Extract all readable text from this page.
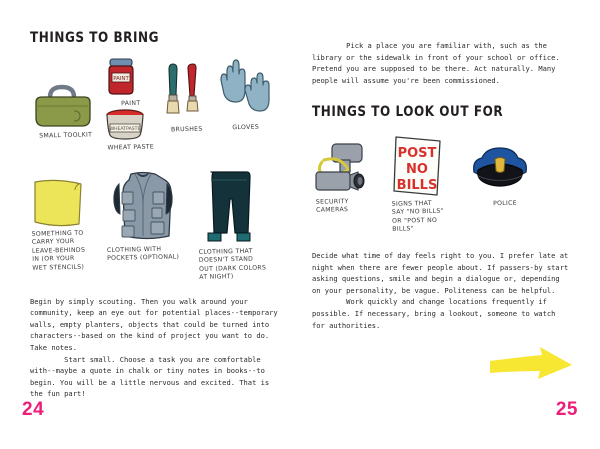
THINGS TO BRING
SMALL TOOLKIT
PAINT
PAINT
WHEATPASTE
WHEAT PASTE
BRUSHES	GLOVES
SOMETHING TO
CARRY YOUR
LEAVE-BEHINDS
IN (OR YOUR
WET STENCILS)
CLOTHING WITH
POCKETS (OPTIONAL)
CLOTHING THAT
DOESN'T STAND
OUT (DARK COLORS
AT NIGHT)

Begin by simply scouting. Then you walk around your community, keep an eye out for potential places--temporary walls, empty planters, objects that could be turned into characters--based on the kind of project you want to do. Take notes.

Start small. Choose a task you are comfortable with--maybe a quote in chalk or tiny notes in books--to begin. You will be a little nervous and excited. That is the fun part!

24

Pick a place you are familiar with, such as the library or the sidewalk in front of your school or office. Pretend you are supposed to be there. Act naturally. Many people will assume you're been commissioned.

THINGS TO LOOK OUT FOR
SECURITY
CAMERAS
POST
NO
BILLS
SIGNS THAT
SAY "NO BILLS"
OR "POST NO
BILLS"
POLICE

Decide what time of day feels right to you. I prefer late at night when there are fewer people about. If passers-by start asking questions, smile and begin a dialogue or, depending on your personality, be vague. Politeness can be helpful.

Work quickly and change locations frequently if possible. If necessary, bring a lookout, someone to watch for authorities.

25
